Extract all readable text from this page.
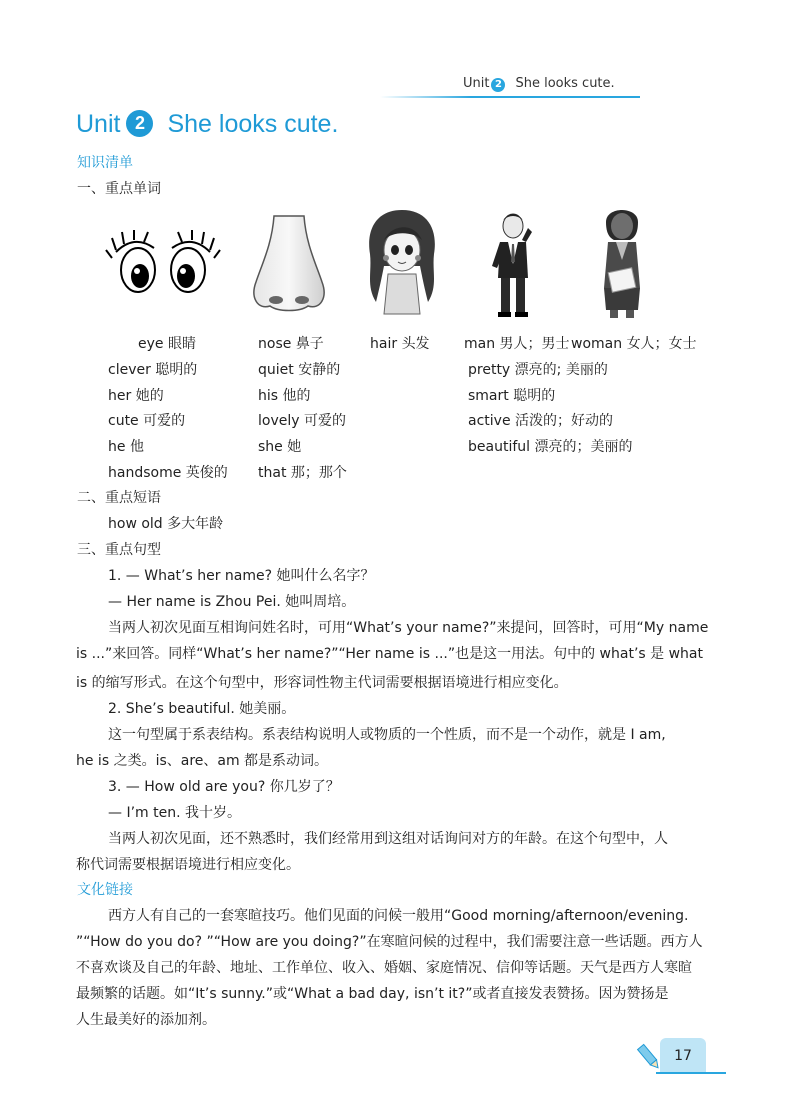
Unit 2 She looks cute.
Unit 2 She looks cute.
知识清单
一、重点单词
eye 眼睛	nose 鼻子	hair 头发 man 男人；男士 woman 女人；女士
clever 聪明的
her 她的
cute 可爱的
he 他
handsome 英俊的
quiet 安静的
his 他的
lovely 可爱的
she 她
that 那；那个
pretty 漂亮的; 美丽的
smart 聪明的
active 活泼的；好动的
beautiful 漂亮的；美丽的
二、重点短语
how old 多大年龄
三、重点句型
1. — What’s her name? 她叫什么名字？
— Her name is Zhou Pei. 她叫周培。
当两人初次见面互相询问姓名时，可用“What’s your name?”来提问，回答时，可用“My name
is ...”来回答。同样“What’s her name?”“Her name is ...”也是这一用法。句中的 what’s 是 what
is 的缩写形式。在这个句型中，形容词性物主代词需要根据语境进行相应变化。
2. She’s beautiful. 她美丽。
这一句型属于系表结构。系表结构说明人或物质的一个性质，而不是一个动作，就是 I am,
he is 之类。is、are、am 都是系动词。
3. — How old are you? 你几岁了？
— I’m ten. 我十岁。
当两人初次见面，还不熟悉时，我们经常用到这组对话询问对方的年龄。在这个句型中，人
称代词需要根据语境进行相应变化。
文化链接
西方人有自己的一套寒暄技巧。他们见面的问候一般用“Good morning/afternoon/evening.
”“How do you do? ”“How are you doing?”在寒暄问候的过程中，我们需要注意一些话题。西方人
不喜欢谈及自己的年龄、地址、工作单位、收入、婚姻、家庭情况、信仰等话题。天气是西方人寒暄
最频繁的话题。如“It’s sunny.”或“What a bad day, isn’t it?”或者直接发表赞扬。因为赞扬是
人生最美好的添加剂。
17
